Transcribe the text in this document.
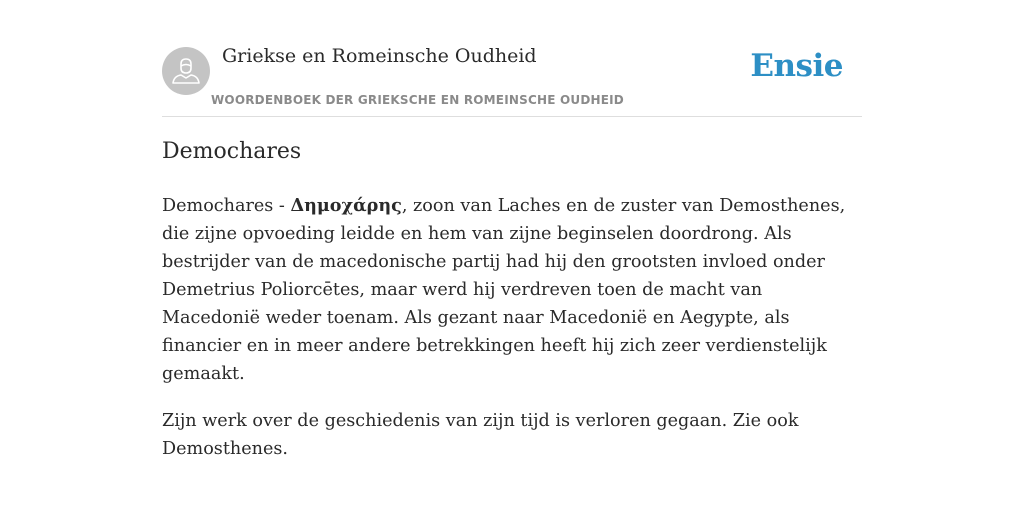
Griekse en Romeinsche Oudheid
WOORDENBOEK DER GRIEKSCHE EN ROMEINSCHE OUDHEID
Ensie
Demochares

Demochares - Δημοχάρης, zoon van Laches en de zuster van Demosthenes, die zijne opvoeding leidde en hem van zijne beginselen doordrong. Als bestrijder van de macedonische partij had hij den grootsten invloed onder Demetrius Poliorcētes, maar werd hij verdreven toen de macht van Macedonië weder toenam. Als gezant naar Macedonië en Aegypte, als financier en in meer andere betrekkingen heeft hij zich zeer verdienstelijk gemaakt.

Zijn werk over de geschiedenis van zijn tijd is verloren gegaan. Zie ook Demosthenes.
